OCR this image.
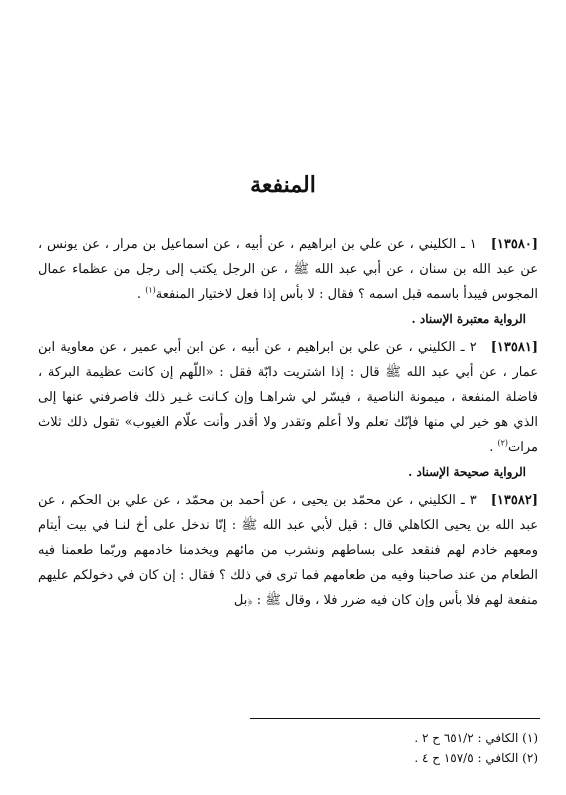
المنفعة

[١٣٥٨٠]١ ـ الكليني ، عن علي بن ابراهيم ، عن أبيه ، عن اسماعيل بن مرار ، عن يونس ، عن عبد الله بن سنان ، عن أبي عبد الله ﷺ ، عن الرجل يكتب إلى رجل من عظماء عمال المجوس فيبدأ باسمه قبل اسمه ؟ فقال : لا بأس إذا فعل لاختيار المنفعة$^{(١)}$ .

الرواية معتبرة الإسناد .

[١٣٥٨١]٢ ـ الكليني ، عن علي بن ابراهيم ، عن أبيه ، عن ابن أبي عمير ، عن معاوية ابن عمار ، عن أبي عبد الله ﷺ قال : إذا اشتريت دابّة فقل : «اللّهم إن كانت عظيمة البركة ، فاضلة المنفعة ، ميمونة الناصية ، فيسّر لي شراهـا وإن كـانت غـير ذلك فاصرفني عنها إلى الذي هو خير لي منها فإنّك تعلم ولا أعلم وتقدر ولا أقدر وأنت علّام الغيوب» تقول ذلك ثلاث مرات$^{(٢)}$ .

الرواية صحيحة الإسناد .

[١٣٥٨٢]٣ ـ الكليني ، عن محمّد بن يحيى ، عن أحمد بن محمّد ، عن علي بن الحكم ، عن عبد الله بن يحيى الكاهلي قال : قيل لأبي عبد الله ﷺ : إنّا ندخل على أخ لنـا في بيت أيتام ومعهم خادم لهم فنقعد على بساطهم ونشرب من مائهم ويخدمنا خادمهم وربّما طعمنا فيه الطعام من عند صاحبنا وفيه من طعامهم فما ترى في ذلك ؟ فقال : إن كان في دخولكم عليهم منفعة لهم فلا بأس وإن كان فيه ضرر فلا ، وقال ﷺ : ﴿بل

(١) الكافي : ٦٥١/٢ ح ٢ .

(٢) الكافي : ١٥٧/٥ ح ٤ .
